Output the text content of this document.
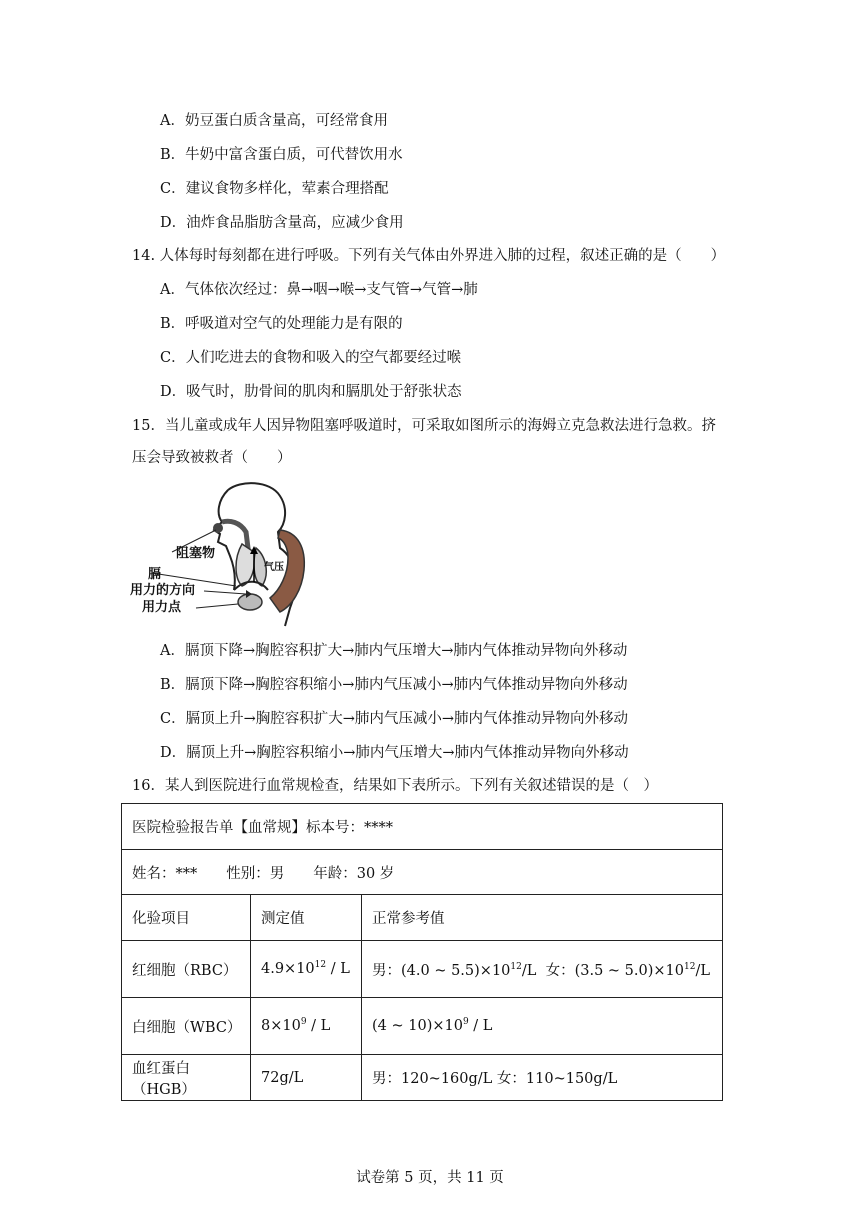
A．奶豆蛋白质含量高，可经常食用
B．牛奶中富含蛋白质，可代替饮用水
C．建议食物多样化，荤素合理搭配
D．油炸食品脂肪含量高，应减少食用
14. 人体每时每刻都在进行呼吸。下列有关气体由外界进入肺的过程，叙述正确的是（　　）
A．气体依次经过：鼻→咽→喉→支气管→气管→肺
B．呼吸道对空气的处理能力是有限的
C．人们吃进去的食物和吸入的空气都要经过喉
D．吸气时，肋骨间的肌肉和膈肌处于舒张状态
15．当儿童或成年人因异物阻塞呼吸道时，可采取如图所示的海姆立克急救法进行急救。挤
压会导致被救者（　　）
阻塞物
膈
用力的方向
用力点
气压
A．膈顶下降→胸腔容积扩大→肺内气压增大→肺内气体推动异物向外移动
B．膈顶下降→胸腔容积缩小→肺内气压减小→肺内气体推动异物向外移动
C．膈顶上升→胸腔容积扩大→肺内气压减小→肺内气体推动异物向外移动
D．膈顶上升→胸腔容积缩小→肺内气压增大→肺内气体推动异物向外移动
16．某人到医院进行血常规检查，结果如下表所示。下列有关叙述错误的是（　）
医院检验报告单【血常规】标本号：****		
姓名：***　　性别：男　　年龄：30 岁		
化验项目	测定值	正常参考值
红细胞（RBC）	$4.9\times 10^{12} / L$	男：(4.0 ~ $5.5)\times 10^{12}/L$ 女：(3.5 ~ $5.0)\times 10^{12}/L$
白细胞（WBC）	$8\times 10^9 / L$	(4 ~ $10)\times 10^9 / L$
血红蛋白（HGB）	72g/L	男：120~160g/L 女：110~150g/L
试卷第 5 页，共 11 页
